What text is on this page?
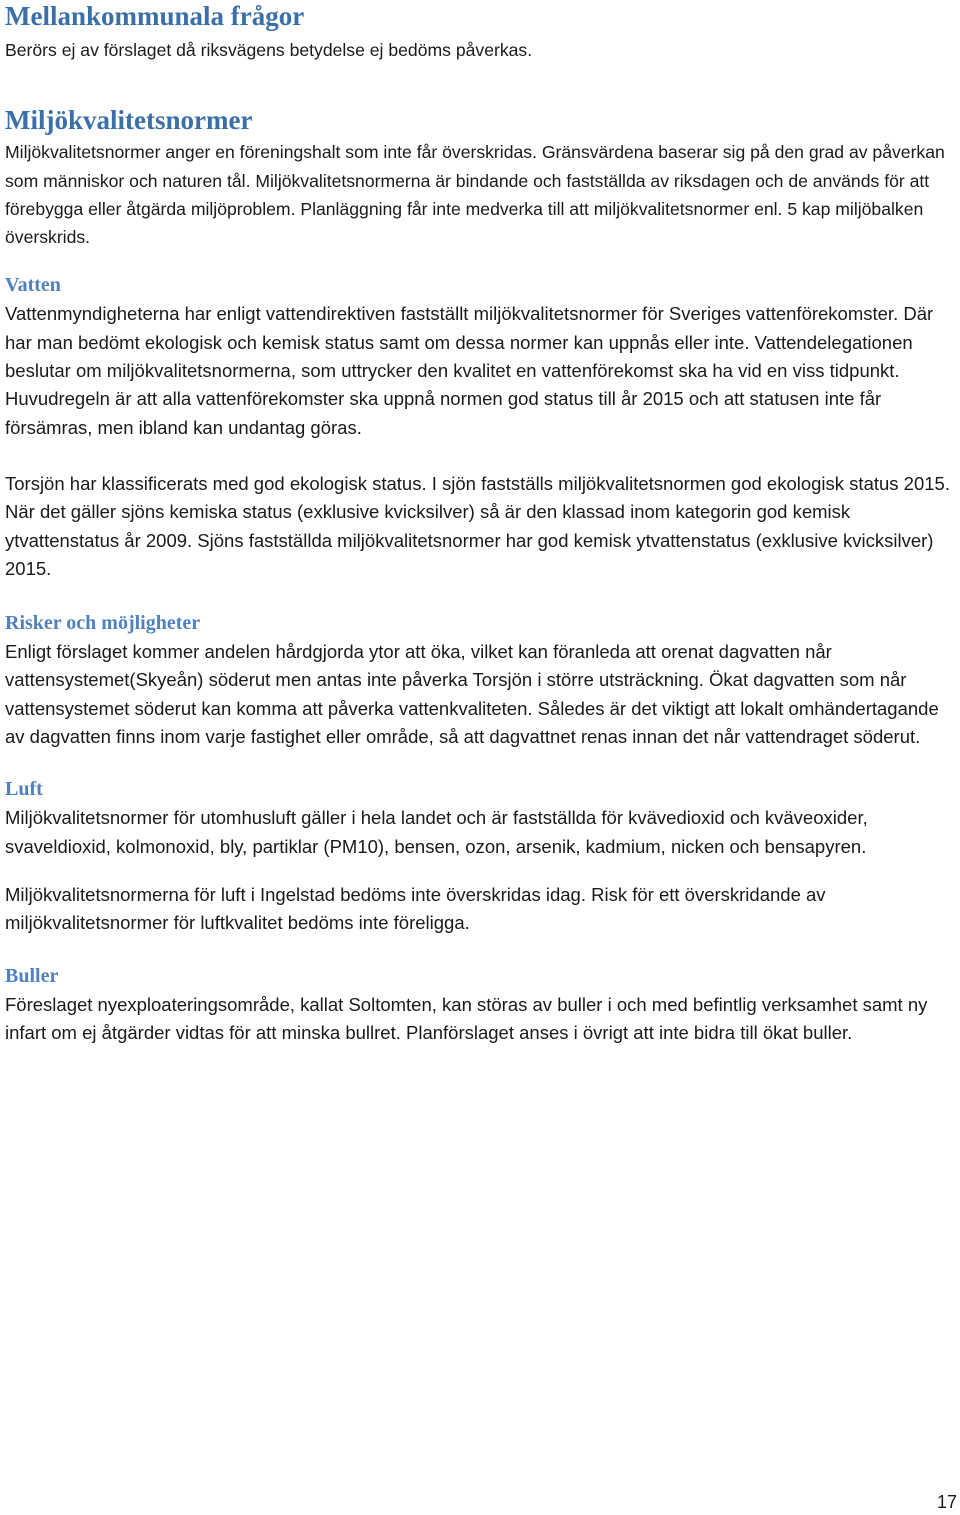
Mellankommunala frågor

Berörs ej av förslaget då riksvägens betydelse ej bedöms påverkas.

Miljökvalitetsnormer

Miljökvalitetsnormer anger en föreningshalt som inte får överskridas. Gränsvärdena baserar sig på den grad av påverkan som människor och naturen tål. Miljökvalitetsnormerna är bindande och fastställda av riksdagen och de används för att förebygga eller åtgärda miljöproblem. Planläggning får inte medverka till att miljökvalitetsnormer enl. 5 kap miljöbalken överskrids.

Vatten

Vattenmyndigheterna har enligt vattendirektiven fastställt miljökvalitetsnormer för Sveriges vattenförekomster. Där har man bedömt ekologisk och kemisk status samt om dessa normer kan uppnås eller inte. Vattendelegationen beslutar om miljökvalitetsnormerna, som uttrycker den kvalitet en vattenförekomst ska ha vid en viss tidpunkt. Huvudregeln är att alla vattenförekomster ska uppnå normen god status till år 2015 och att statusen inte får försämras, men ibland kan undantag göras.

Torsjön har klassificerats med god ekologisk status. I sjön fastställs miljökvalitetsnormen god ekologisk status 2015. När det gäller sjöns kemiska status (exklusive kvicksilver) så är den klassad inom kategorin god kemisk ytvattenstatus år 2009. Sjöns fastställda miljökvalitetsnormer har god kemisk ytvattenstatus (exklusive kvicksilver) 2015.

Risker och möjligheter

Enligt förslaget kommer andelen hårdgjorda ytor att öka, vilket kan föranleda att orenat dagvatten når vattensystemet(Skyeån) söderut men antas inte påverka Torsjön i större utsträckning. Ökat dagvatten som når vattensystemet söderut kan komma att påverka vattenkvaliteten. Således är det viktigt att lokalt omhändertagande av dagvatten finns inom varje fastighet eller område, så att dagvattnet renas innan det når vattendraget söderut.

Luft

Miljökvalitetsnormer för utomhusluft gäller i hela landet och är fastställda för kvävedioxid och kväveoxider, svaveldioxid, kolmonoxid, bly, partiklar (PM10), bensen, ozon, arsenik, kadmium, nicken och bensapyren.

Miljökvalitetsnormerna för luft i Ingelstad bedöms inte överskridas idag. Risk för ett överskridande av miljökvalitetsnormer för luftkvalitet bedöms inte föreligga.

Buller

Föreslaget nyexploateringsområde, kallat Soltomten, kan störas av buller i och med befintlig verksamhet samt ny infart om ej åtgärder vidtas för att minska bullret. Planförslaget anses i övrigt att inte bidra till ökat buller.

17
